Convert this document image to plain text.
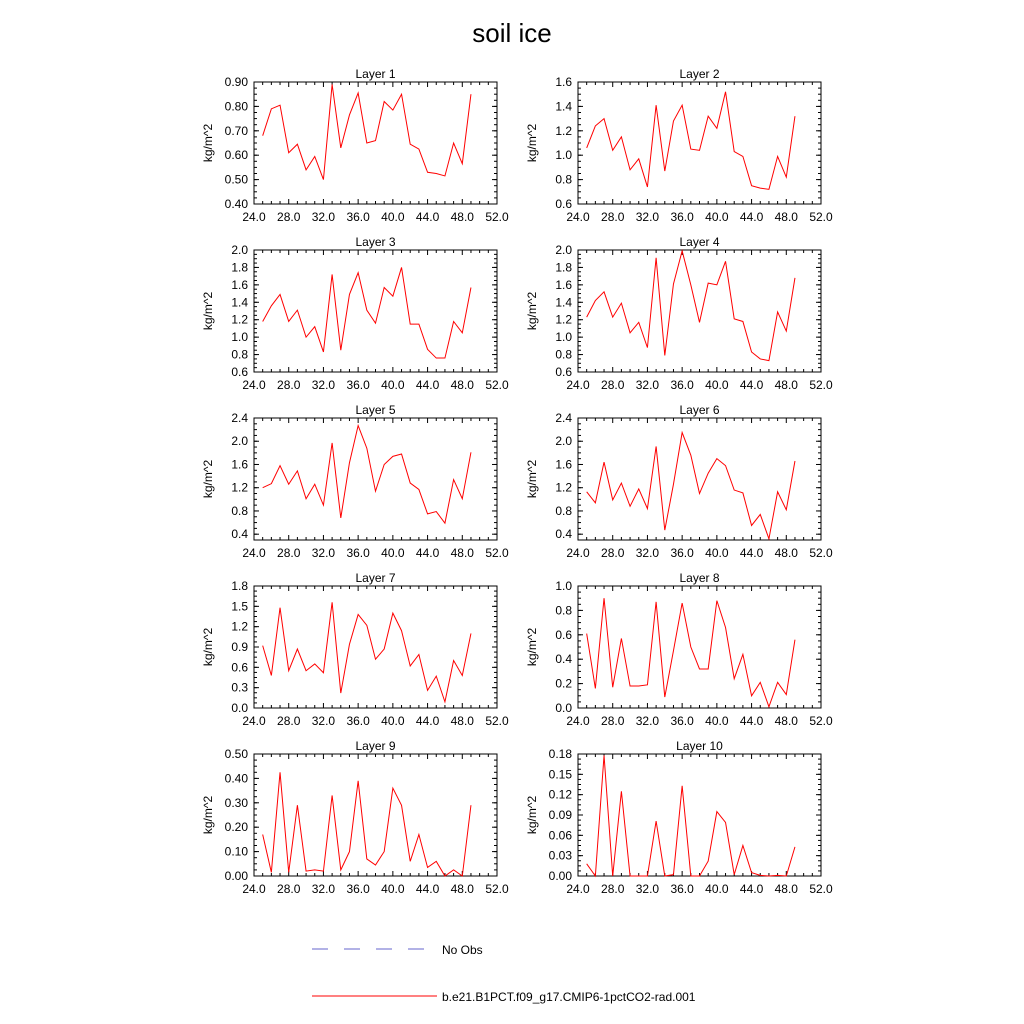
soil ice
Layer 1
kg/m^2
24.0 28.0 32.0 36.0 40.0 44.0 48.0 52.0
0.40
0.50
0.60
0.70
0.80
0.90
Layer 2
kg/m^2
24.0 28.0 32.0 36.0 40.0 44.0 48.0 52.0
0.6
0.8
1.0
1.2
1.4
1.6
Layer 3
kg/m^2
24.0 28.0 32.0 36.0 40.0 44.0 48.0 52.0
0.6
0.8
1.0
1.2
1.4
1.6
1.8
2.0
Layer 4
kg/m^2
24.0 28.0 32.0 36.0 40.0 44.0 48.0 52.0
0.6
0.8
1.0
1.2
1.4
1.6
1.8
2.0
Layer 5
kg/m^2
24.0 28.0 32.0 36.0 40.0 44.0 48.0 52.0
0.4
0.8
1.2
1.6
2.0
2.4
Layer 6
kg/m^2
24.0 28.0 32.0 36.0 40.0 44.0 48.0 52.0
0.4
0.8
1.2
1.6
2.0
2.4
Layer 7
kg/m^2
24.0 28.0 32.0 36.0 40.0 44.0 48.0 52.0
0.0
0.3
0.6
0.9
1.2
1.5
1.8
Layer 8
kg/m^2
24.0 28.0 32.0 36.0 40.0 44.0 48.0 52.0
0.0
0.2
0.4
0.6
0.8
1.0
Layer 9
kg/m^2
24.0 28.0 32.0 36.0 40.0 44.0 48.0 52.0
0.00
0.10
0.20
0.30
0.40
0.50
Layer 10
kg/m^2
24.0 28.0 32.0 36.0 40.0 44.0 48.0 52.0
0.00
0.03
0.06
0.09
0.12
0.15
0.18
No Obs
b.e21.B1PCT.f09_g17.CMIP6-1pctCO2-rad.001
